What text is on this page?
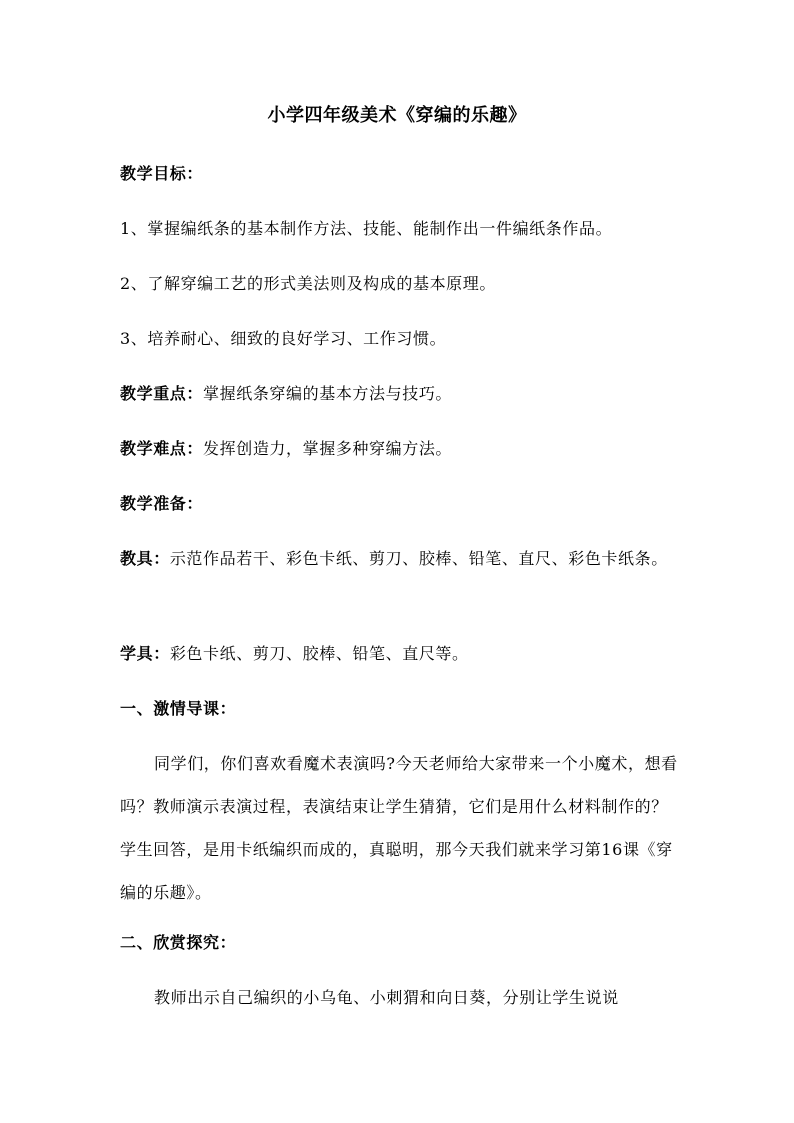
小学四年级美术《穿编的乐趣》
教学目标：
1、掌握编纸条的基本制作方法、技能、能制作出一件编纸条作品。
2、了解穿编工艺的形式美法则及构成的基本原理。
3、培养耐心、细致的良好学习、工作习惯。
教学重点：掌握纸条穿编的基本方法与技巧。
教学难点：发挥创造力，掌握多种穿编方法。
教学准备：
教具：示范作品若干、彩色卡纸、剪刀、胶棒、铅笔、直尺、彩色卡纸条。
学具：彩色卡纸、剪刀、胶棒、铅笔、直尺等。
一、激情导课：
同学们，你们喜欢看魔术表演吗?今天老师给大家带来一个小魔术，想看吗？教师演示表演过程，表演结束让学生猜猜，它们是用什么材料制作的？学生回答，是用卡纸编织而成的，真聪明，那今天我们就来学习第16课《穿编的乐趣》。
二、欣赏探究：
教师出示自己编织的小乌龟、小刺猬和向日葵，分别让学生说说
